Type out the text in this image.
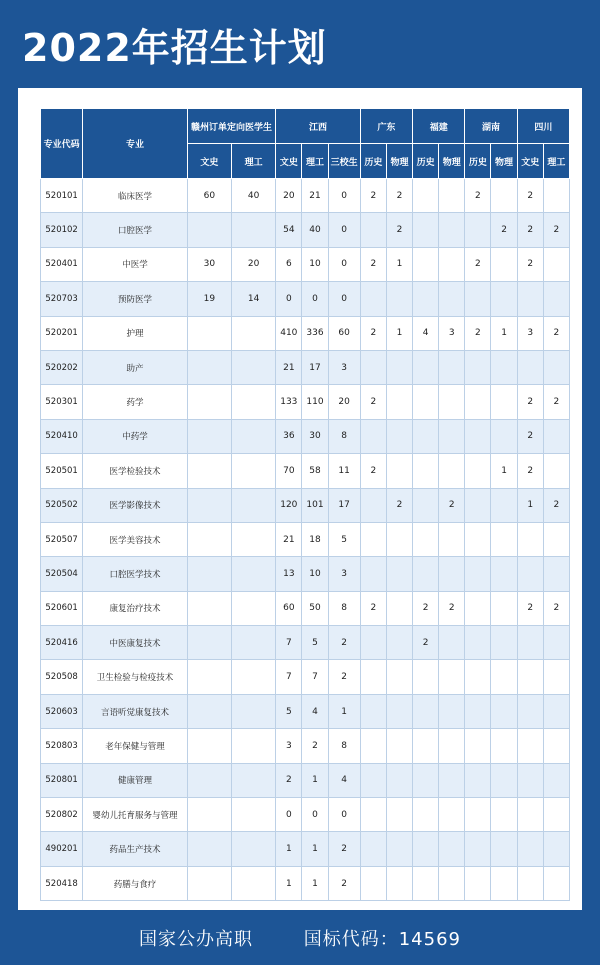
2022年招生计划
专业代码	专业	赣州订单定向医学生		江西			广东		福建		湖南		四川	
		文史	理工	文史	理工	三校生	历史	物理	历史	物理	历史	物理	文史	理工
520101	临床医学	60	40	20	21	0	2	2			2		2	
520102	口腔医学			54	40	0		2				2	2	2
520401	中医学	30	20	6	10	0	2	1			2		2	
520703	预防医学	19	14	0	0	0								
520201	护理			410	336	60	2	1	4	3	2	1	3	2
520202	助产			21	17	3								
520301	药学			133	110	20	2						2	2
520410	中药学			36	30	8							2	
520501	医学检验技术			70	58	11	2					1	2	
520502	医学影像技术			120	101	17		2		2			1	2
520507	医学美容技术			21	18	5								
520504	口腔医学技术			13	10	3								
520601	康复治疗技术			60	50	8	2		2	2			2	2
520416	中医康复技术			7	5	2			2					
520508	卫生检验与检疫技术			7	7	2								
520603	言语听觉康复技术			5	4	1								
520803	老年保健与管理			3	2	8								
520801	健康管理			2	1	4								
520802	婴幼儿托育服务与管理			0	0	0								
490201	药品生产技术			1	1	2								
520418	药膳与食疗			1	1	2								
国家公办高职	国标代码：14569
